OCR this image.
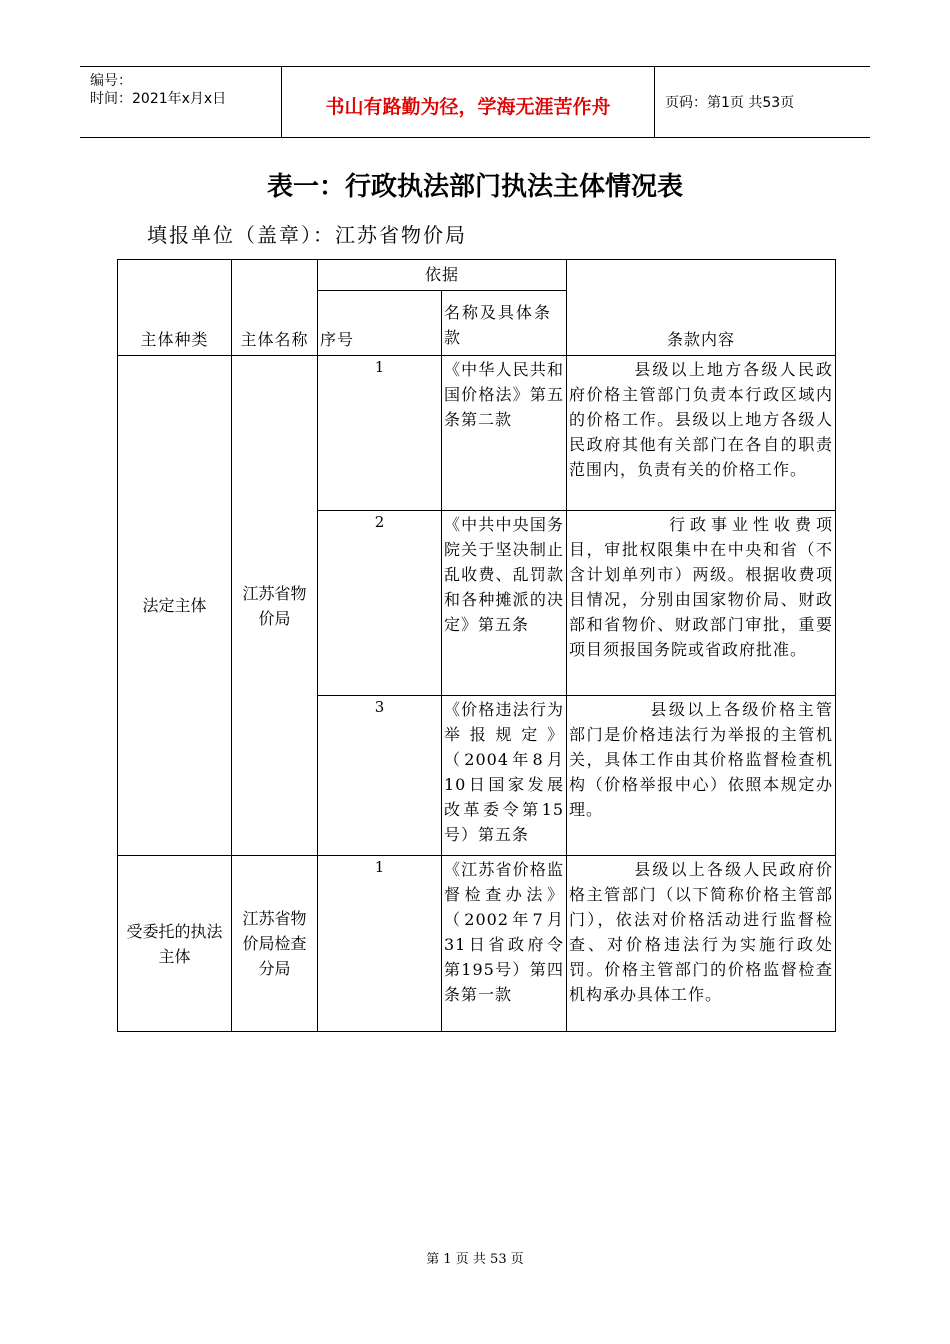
编号：
时间：2021年x月x日	书山有路勤为径，学海无涯苦作舟	页码：第1页 共53页
表一：行政执法部门执法主体情况表
填报单位（盖章）：江苏省物价局
主体种类	主体名称	依据		条款内容
		序号	名称及具体条款	
法定主体	江苏省物价局	1	《中华人民共和国价格法》第五条第二款	县级以上地方各级人民政府价格主管部门负责本行政区域内的价格工作。县级以上地方各级人民政府其他有关部门在各自的职责范围内，负责有关的价格工作。
		2	《中共中央国务院关于坚决制止乱收费、乱罚款和各种摊派的决定》第五条	行政事业性收费项目，审批权限集中在中央和省（不含计划单列市）两级。根据收费项目情况，分别由国家物价局、财政部和省物价、财政部门审批，重要项目须报国务院或省政府批准。
		3	《价格违法行为举报规定》（2004年8月10日国家发展改革委令第15号）第五条	县级以上各级价格主管部门是价格违法行为举报的主管机关，具体工作由其价格监督检查机构（价格举报中心）依照本规定办理。
受委托的执法主体	江苏省物价局检查分局	1	《江苏省价格监督检查办法》（2002年7月31日省政府令第195号）第四条第一款	县级以上各级人民政府价格主管部门（以下简称价格主管部门），依法对价格活动进行监督检查、对价格违法行为实施行政处罚。价格主管部门的价格监督检查机构承办具体工作。
第 1 页 共 53 页
